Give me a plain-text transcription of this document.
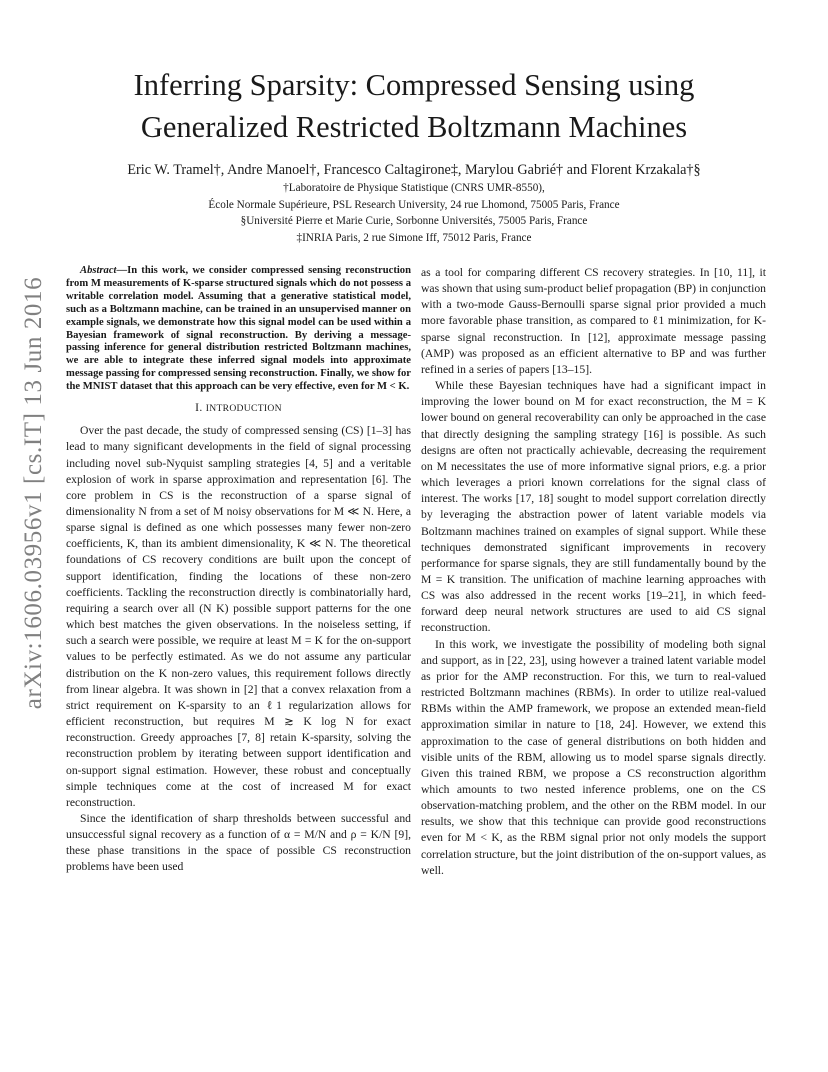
Inferring Sparsity: Compressed Sensing using
Generalized Restricted Boltzmann Machines
Eric W. Tramel†, Andre Manoel†, Francesco Caltagirone‡, Marylou Gabrié† and Florent Krzakala†§
†Laboratoire de Physique Statistique (CNRS UMR-8550),
École Normale Supérieure, PSL Research University, 24 rue Lhomond, 75005 Paris, France
§Université Pierre et Marie Curie, Sorbonne Universités, 75005 Paris, France
‡INRIA Paris, 2 rue Simone Iff, 75012 Paris, France
arXiv:1606.03956v1 [cs.IT] 13 Jun 2016

Abstract—In this work, we consider compressed sensing reconstruction from M measurements of K-sparse structured signals which do not possess a writable correlation model. Assuming that a generative statistical model, such as a Boltzmann machine, can be trained in an unsupervised manner on example signals, we demonstrate how this signal model can be used within a Bayesian framework of signal reconstruction. By deriving a message-passing inference for general distribution restricted Boltzmann machines, we are able to integrate these inferred signal models into approximate message passing for compressed sensing reconstruction. Finally, we show for the MNIST dataset that this approach can be very effective, even for M < K.

I. INTRODUCTION

Over the past decade, the study of compressed sensing (CS) [1–3] has lead to many significant developments in the field of signal processing including novel sub-Nyquist sampling strategies [4, 5] and a veritable explosion of work in sparse approximation and representation [6]. The core problem in CS is the reconstruction of a sparse signal of dimensionality N from a set of M noisy observations for M ≪ N. Here, a sparse signal is defined as one which possesses many fewer non-zero coefficients, K, than its ambient dimensionality, K ≪ N. The theoretical foundations of CS recovery conditions are built upon the concept of support identification, finding the locations of these non-zero coefficients. Tackling the reconstruction directly is combinatorially hard, requiring a search over all (N K) possible support patterns for the one which best matches the given observations. In the noiseless setting, if such a search were possible, we require at least M = K for the on-support values to be perfectly estimated. As we do not assume any particular distribution on the K non-zero values, this requirement follows directly from linear algebra. It was shown in [2] that a convex relaxation from a strict requirement on K-sparsity to an ℓ1 regularization allows for efficient reconstruction, but requires M ≳ K log N for exact reconstruction. Greedy approaches [7, 8] retain K-sparsity, solving the reconstruction problem by iterating between support identification and on-support signal estimation. However, these robust and conceptually simple techniques come at the cost of increased M for exact reconstruction.

Since the identification of sharp thresholds between successful and unsuccessful signal recovery as a function of α = M/N and ρ = K/N [9], these phase transitions in the space of possible CS reconstruction problems have been used

as a tool for comparing different CS recovery strategies. In [10, 11], it was shown that using sum-product belief propagation (BP) in conjunction with a two-mode Gauss-Bernoulli sparse signal prior provided a much more favorable phase transition, as compared to ℓ1 minimization, for K-sparse signal reconstruction. In [12], approximate message passing (AMP) was proposed as an efficient alternative to BP and was further refined in a series of papers [13–15].

While these Bayesian techniques have had a significant impact in improving the lower bound on M for exact reconstruction, the M = K lower bound on general recoverability can only be approached in the case that directly designing the sampling strategy [16] is possible. As such designs are often not practically achievable, decreasing the requirement on M necessitates the use of more informative signal priors, e.g. a prior which leverages a priori known correlations for the signal class of interest. The works [17, 18] sought to model support correlation directly by leveraging the abstraction power of latent variable models via Boltzmann machines trained on examples of signal support. While these techniques demonstrated significant improvements in recovery performance for sparse signals, they are still fundamentally bound by the M = K transition. The unification of machine learning approaches with CS was also addressed in the recent works [19–21], in which feed-forward deep neural network structures are used to aid CS signal reconstruction.

In this work, we investigate the possibility of modeling both signal and support, as in [22, 23], using however a trained latent variable model as prior for the AMP reconstruction. For this, we turn to real-valued restricted Boltzmann machines (RBMs). In order to utilize real-valued RBMs within the AMP framework, we propose an extended mean-field approximation similar in nature to [18, 24]. However, we extend this approximation to the case of general distributions on both hidden and visible units of the RBM, allowing us to model sparse signals directly. Given this trained RBM, we propose a CS reconstruction algorithm which amounts to two nested inference problems, one on the CS observation-matching problem, and the other on the RBM model. In our results, we show that this technique can provide good reconstructions even for M < K, as the RBM signal prior not only models the support correlation structure, but the joint distribution of the on-support values, as well.
